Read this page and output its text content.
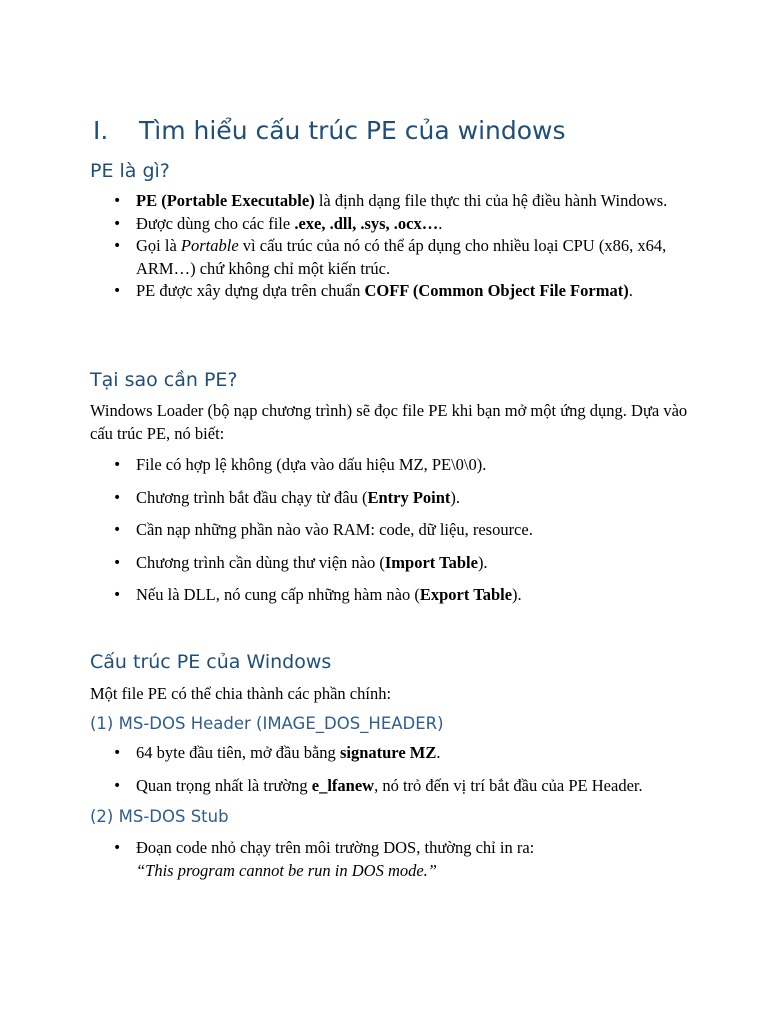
I. Tìm hiểu cấu trúc PE của windows
PE là gì?
• PE (Portable Executable) là định dạng file thực thi của hệ điều hành Windows.
• Được dùng cho các file .exe, .dll, .sys, .ocx….
• Gọi là Portable vì cấu trúc của nó có thể áp dụng cho nhiều loại CPU (x86, x64, ARM…) chứ không chỉ một kiến trúc.
• PE được xây dựng dựa trên chuẩn COFF (Common Object File Format).
Tại sao cần PE?
Windows Loader (bộ nạp chương trình) sẽ đọc file PE khi bạn mở một ứng dụng. Dựa vào cấu trúc PE, nó biết:
• File có hợp lệ không (dựa vào dấu hiệu MZ, PE\0\0).
• Chương trình bắt đầu chạy từ đâu (Entry Point).
• Cần nạp những phần nào vào RAM: code, dữ liệu, resource.
• Chương trình cần dùng thư viện nào (Import Table).
• Nếu là DLL, nó cung cấp những hàm nào (Export Table).
Cấu trúc PE của Windows
Một file PE có thể chia thành các phần chính:
(1) MS-DOS Header (IMAGE_DOS_HEADER)
• 64 byte đầu tiên, mở đầu bằng signature MZ.
• Quan trọng nhất là trường e_lfanew, nó trỏ đến vị trí bắt đầu của PE Header.
(2) MS-DOS Stub
• Đoạn code nhỏ chạy trên môi trường DOS, thường chỉ in ra:
“This program cannot be run in DOS mode.”
